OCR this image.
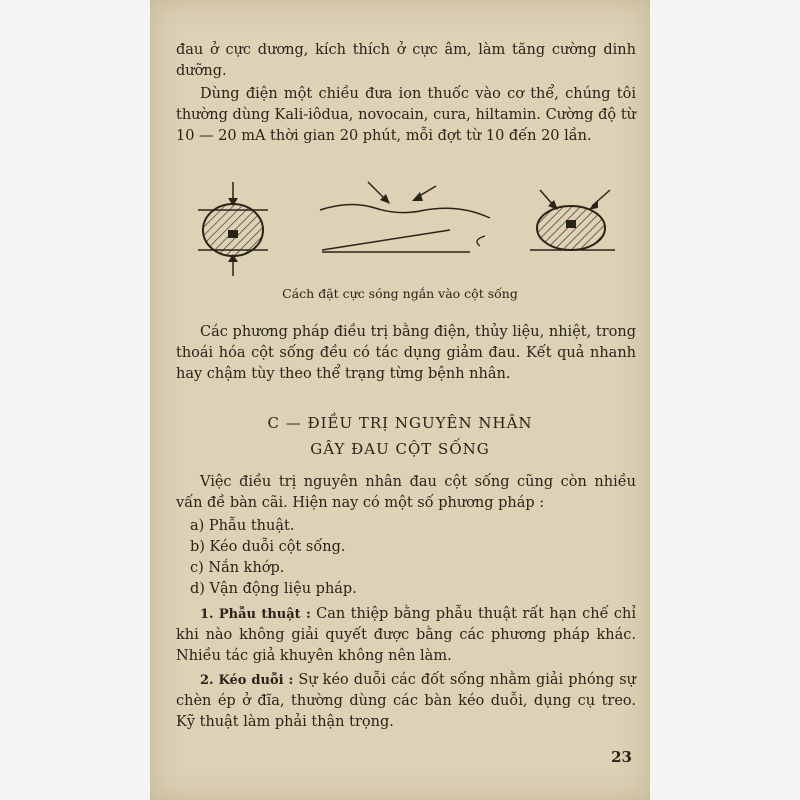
đau ở cực dương, kích thích ở cực âm, làm tăng cường dinh dưỡng.

Dùng điện một chiều đưa ion thuốc vào cơ thể, chúng tôi thường dùng Kali-iôdua, novocain, cura, hiltamin. Cường độ từ 10 — 20 mA thời gian 20 phút, mỗi đợt từ 10 đến 20 lần.

Cách đặt cực sóng ngắn vào cột sống

Các phương pháp điều trị bằng điện, thủy liệu, nhiệt, trong thoái hóa cột sống đều có tác dụng giảm đau. Kết quả nhanh hay chậm tùy theo thể trạng từng bệnh nhân.

C — ĐIỀU TRỊ NGUYÊN NHÂN
GÂY ĐAU CỘT SỐNG

Việc điều trị nguyên nhân đau cột sống cũng còn nhiều vấn đề bàn cãi. Hiện nay có một số phương pháp :

a) Phẫu thuật.
b) Kéo duỗi cột sống.
c) Nắn khớp.
d) Vận động liệu pháp.

1. Phẫu thuật : Can thiệp bằng phẫu thuật rất hạn chế chỉ khi nào không giải quyết được bằng các phương pháp khác. Nhiều tác giả khuyên không nên làm.

2. Kéo duỗi : Sự kéo duỗi các đốt sống nhằm giải phóng sự chèn ép ở đĩa, thường dùng các bàn kéo duỗi, dụng cụ treo. Kỹ thuật làm phải thận trọng.

23
